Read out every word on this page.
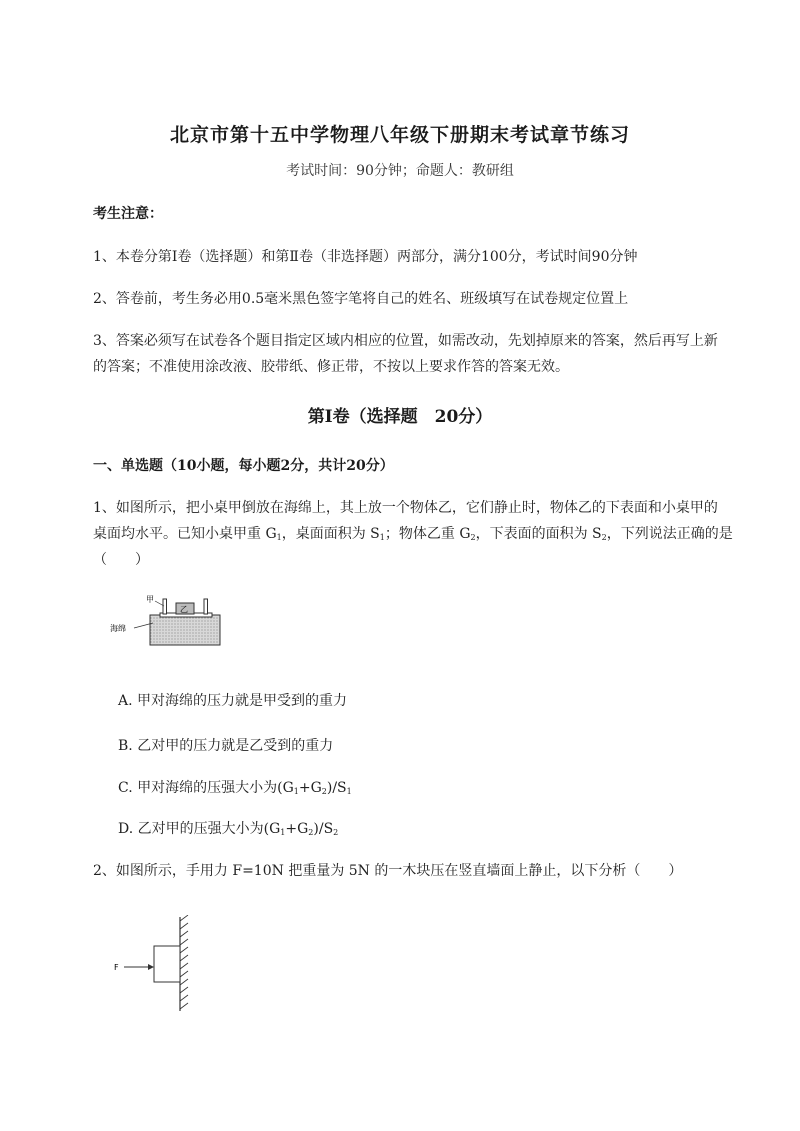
北京市第十五中学物理八年级下册期末考试章节练习
考试时间：90分钟；命题人：教研组
考生注意：
1、本卷分第Ⅰ卷（选择题）和第Ⅱ卷（非选择题）两部分，满分100分，考试时间90分钟
2、答卷前，考生务必用0.5毫米黑色签字笔将自己的姓名、班级填写在试卷规定位置上
3、答案必须写在试卷各个题目指定区域内相应的位置，如需改动，先划掉原来的答案，然后再写上新
的答案；不准使用涂改液、胶带纸、修正带，不按以上要求作答的答案无效。
第Ⅰ卷（选择题　20分）
一、单选题（10小题，每小题2分，共计20分）
1、如图所示，把小桌甲倒放在海绵上，其上放一个物体乙，它们静止时，物体乙的下表面和小桌甲的
桌面均水平。已知小桌甲重 $G_1$，桌面面积为 $S_1$；物体乙重 $G_2$，下表面的面积为 $S_2$，下列说法正确的是
（　　）
乙
甲
海绵
A. 甲对海绵的压力就是甲受到的重力
B. 乙对甲的压力就是乙受到的重力
C. 甲对海绵的压强大小为$(G_1+G_2)/S_1$
D. 乙对甲的压强大小为$(G_1+G_2)/S_2$
2、如图所示，手用力 F=10N 把重量为 5N 的一木块压在竖直墙面上静止，以下分析（　　）
F
